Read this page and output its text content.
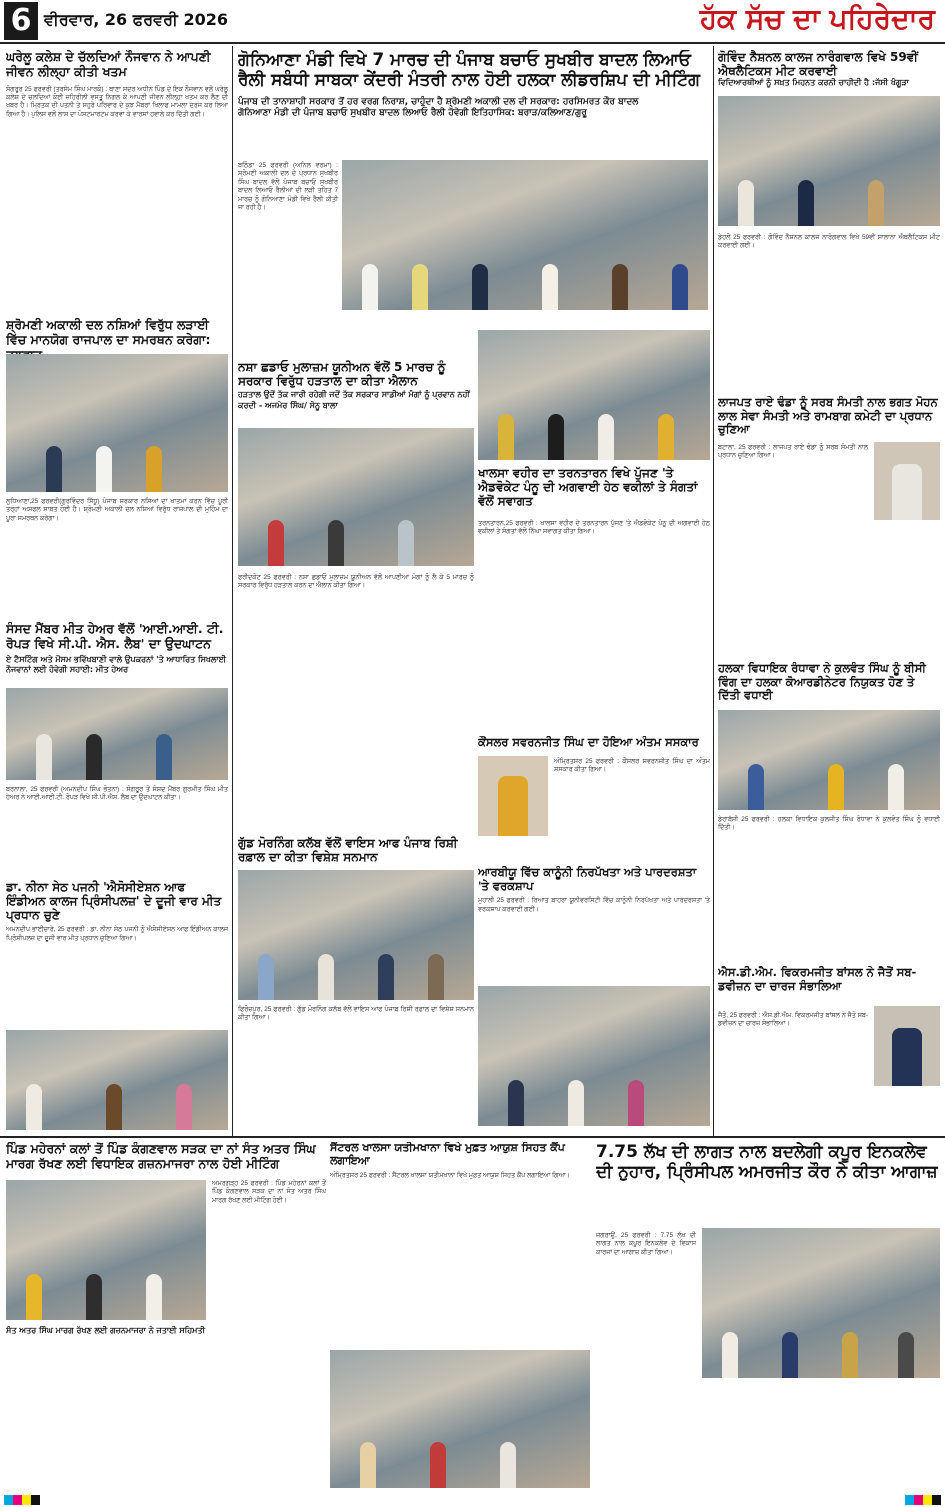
6 ਵੀਰਵਾਰ, 26 ਫਰਵਰੀ 2026	ਹੱਕ ਸੱਚ ਦਾ ਪਹਿਰੇਦਾਰ
ਘਰੇਲੂ ਕਲੇਸ਼ ਦੇ ਚੱਲਦਿਆਂ ਨੌਜਵਾਨ ਨੇ ਆਪਣੀ ਜੀਵਨ ਲੀਲ੍ਹਾ ਕੀਤੀ ਖਤਮ
ਸੰਗਰੂਰ 25 ਫਰਵਰੀ (ਤਰਸੇਮ ਸਿੰਘ ਮਾਰਕੋ) : ਥਾਣਾ ਸਦਰ ਅਧੀਨ ਪਿੰਡ ਦੇ ਇਕ ਨੌਜਵਾਨ ਵਲੋਂ ਘਰੇਲੂ ਕਲੇਸ਼ ਦੇ ਚਲਦਿਆਂ ਕੋਈ ਜ਼ਹਿਰੀਲੀ ਵਸਤੂ ਨਿਗਲ ਕੇ ਆਪਣੀ ਜੀਵਨ ਲੀਲ੍ਹਾ ਖਤਮ ਕਰ ਲੈਣ ਦੀ ਖਬਰ ਹੈ। ਮ੍ਰਿਤਕ ਦੀ ਪਤਨੀ ਤੇ ਸਹੁਰੇ ਪਰਿਵਾਰ ਦੇ ਕੁਝ ਮੈਂਬਰਾਂ ਖਿਲਾਫ ਮਾਮਲਾ ਦਰਜ ਕਰ ਲਿਆ ਗਿਆ ਹੈ। ਪੁਲਿਸ ਵਲੋਂ ਲਾਸ਼ ਦਾ ਪੋਸਟਮਾਰਟਮ ਕਰਵਾ ਕੇ ਵਾਰਸਾਂ ਹਵਾਲੇ ਕਰ ਦਿੱਤੀ ਗਈ।
ਸ਼੍ਰੋਮਣੀ ਅਕਾਲੀ ਦਲ ਨਸ਼ਿਆਂ ਵਿਰੁੱਧ ਲੜਾਈ ਵਿੱਚ ਮਾਨਯੋਗ ਰਾਜਪਾਲ ਦਾ ਸਮਰਥਨ ਕਰੇਗਾ:
ਲੁਧਿਆਣਾ,25 ਫਰਵਰੀ(ਗੁਰਵਿੰਦਰ ਸਿੱਧੂ) ਪੰਜਾਬ ਸਰਕਾਰ ਨਸ਼ਿਆਂ ਦਾ ਖਾਤਮਾ ਕਰਨ ਵਿੱਚ ਪੂਰੀ ਤਰ੍ਹਾਂ ਅਸਫਲ ਸਾਬਤ ਹੋਈ ਹੈ। ਸ਼੍ਰੋਮਣੀ ਅਕਾਲੀ ਦਲ ਨਸ਼ਿਆਂ ਵਿਰੁੱਧ ਰਾਜਪਾਲ ਦੀ ਮੁਹਿੰਮ ਦਾ ਪੂਰਾ ਸਮਰਥਨ ਕਰੇਗਾ।
ਸੰਸਦ ਮੈਂਬਰ ਮੀਤ ਹੇਅਰ ਵੱਲੋਂ 'ਆਈ.ਆਈ. ਟੀ. ਰੋਪੜ ਵਿਖੇ ਸੀ.ਪੀ. ਐਸ. ਲੈਬ' ਦਾ ਉਦਘਾਟਨ
ਏ ਟੈਸਟਿੰਗ ਅਤੇ ਮੌਸਮ ਭਵਿੱਖਬਾਣੀ ਵਾਲੇ ਉਪਕਰਨਾਂ 'ਤੇ ਆਧਾਰਿਤ ਸਿਖਲਾਈ ਨੌਜਵਾਨਾਂ ਲਈ ਹੋਵੇਗੀ ਸਹਾਈ: ਮੀਤ ਹੇਅਰ
ਬਰਨਾਲਾ, 25 ਫਰਵਰੀ (ਅਮਨਦੀਪ ਸਿੰਘ ਭੋਤਨਾ) : ਸੰਗਰੂਰ ਤੋਂ ਸੰਸਦ ਮੈਂਬਰ ਗੁਰਮੀਤ ਸਿੰਘ ਮੀਤ ਹੇਅਰ ਨੇ ਆਈ.ਆਈ.ਟੀ. ਰੋਪੜ ਵਿਖੇ ਸੀ.ਪੀ.ਐਸ. ਲੈਬ ਦਾ ਉਦਘਾਟਨ ਕੀਤਾ।
ਡਾ. ਨੀਨਾ ਸੇਠ ਪਜਨੀ 'ਐਸੋਸੀਏਸ਼ਨ ਆਫ ਇੰਡੀਅਨ ਕਾਲਜ ਪ੍ਰਿੰਸੀਪਲਜ਼' ਦੇ ਦੂਜੀ ਵਾਰ ਮੀਤ ਪ੍ਰਧਾਨ ਚੁਣੇ
ਅਮਨਦੀਪ ਭਾਈਚਾਰੇ, 25 ਫਰਵਰੀ : ਡਾ. ਨੀਨਾ ਸੇਠ ਪਜਨੀ ਨੂੰ ਐਸੋਸੀਏਸ਼ਨ ਆਫ ਇੰਡੀਅਨ ਕਾਲਜ ਪ੍ਰਿੰਸੀਪਲਜ਼ ਦਾ ਦੂਜੀ ਵਾਰ ਮੀਤ ਪ੍ਰਧਾਨ ਚੁਣਿਆ ਗਿਆ।
ਗੋਨਿਆਣਾ ਮੰਡੀ ਵਿਖੇ 7 ਮਾਰਚ ਦੀ ਪੰਜਾਬ ਬਚਾਓ ਸੁਖਬੀਰ ਬਾਦਲ ਲਿਆਓ ਰੈਲੀ ਸਬੰਧੀ ਸਾਬਕਾ ਕੇਂਦਰੀ ਮੰਤਰੀ ਨਾਲ ਹੋਈ ਹਲਕਾ ਲੀਡਰਸ਼ਿਪ ਦੀ ਮੀਟਿੰਗ
ਪੰਜਾਬ ਦੀ ਤਾਨਾਸ਼ਾਹੀ ਸਰਕਾਰ ਤੋਂ ਹਰ ਵਰਗ ਨਿਰਾਸ਼, ਚਾਹੁੰਦਾ ਹੈ ਸ਼੍ਰੋਮਣੀ ਅਕਾਲੀ ਦਲ ਦੀ ਸਰਕਾਰ: ਹਰਸਿਮਰਤ ਕੌਰ ਬਾਦਲ
ਗੋਨਿਆਣਾ ਮੰਡੀ ਦੀ ਪੰਜਾਬ ਬਚਾਓ ਸੁਖਬੀਰ ਬਾਦਲ ਲਿਆਓ ਰੈਲੀ ਹੋਵੇਗੀ ਇਤਿਹਾਸਿਕ: ਬਰਾੜ/ਕਲਿਆਣ/ਗੁਰੂ
ਬਠਿੰਡਾ 25 ਫਰਵਰੀ (ਅਨਿਲ ਵਰਮਾ) : ਸ਼੍ਰੋਮਣੀ ਅਕਾਲੀ ਦਲ ਦੇ ਪ੍ਰਧਾਨ ਸੁਖਬੀਰ ਸਿੰਘ ਬਾਦਲ ਵੱਲੋਂ ਪੰਜਾਬ ਬਚਾਓ ਸੁਖਬੀਰ ਬਾਦਲ ਲਿਆਓ ਰੈਲੀਆਂ ਦੀ ਲੜੀ ਤਹਿਤ 7 ਮਾਰਚ ਨੂੰ ਗੋਨਿਆਣਾ ਮੰਡੀ ਵਿਖੇ ਰੈਲੀ ਕੀਤੀ ਜਾ ਰਹੀ ਹੈ।
ਨਸ਼ਾ ਛਡਾਓ ਮੁਲਾਜ਼ਮ ਯੂਨੀਅਨ ਵੱਲੋਂ 5 ਮਾਰਚ ਨੂੰ ਸਰਕਾਰ ਵਿਰੁੱਧ ਹੜਤਾਲ ਦਾ ਕੀਤਾ ਐਲਾਨ
ਹੜਤਾਲ ਉਦੋਂ ਤੱਕ ਜਾਰੀ ਰਹੇਗੀ ਜਦੋਂ ਤੱਕ ਸਰਕਾਰ ਸਾਡੀਆਂ ਮੰਗਾਂ ਨੂੰ ਪ੍ਰਵਾਨ ਨਹੀਂ ਕਰਦੀ - ਅਜਮੇਰ ਸਿੰਘ/ ਸੋਨੂ ਬਾਲਾ
ਫਰੀਦਕੋਟ 25 ਫਰਵਰੀ : ਨਸ਼ਾ ਛਡਾਓ ਮੁਲਾਜ਼ਮ ਯੂਨੀਅਨ ਵੱਲੋਂ ਆਪਣੀਆਂ ਮੰਗਾਂ ਨੂੰ ਲੈ ਕੇ 5 ਮਾਰਚ ਨੂੰ ਸਰਕਾਰ ਵਿਰੁੱਧ ਹੜਤਾਲ ਕਰਨ ਦਾ ਐਲਾਨ ਕੀਤਾ ਗਿਆ।
ਗੁੱਡ ਮੋਰਨਿੰਗ ਕਲੱਬ ਵੱਲੋਂ ਵਾਇਸ ਆਫ ਪੰਜਾਬ ਰਿਸ਼ੀ ਰਫ਼ਾਲ ਦਾ ਕੀਤਾ ਵਿਸ਼ੇਸ਼ ਸਨਮਾਨ
ਫਿਰੋਜ਼ਪੁਰ, 25 ਫਰਵਰੀ : ਗੁੱਡ ਮੋਰਨਿੰਗ ਕਲੱਬ ਵੱਲੋਂ ਵਾਇਸ ਆਫ ਪੰਜਾਬ ਰਿਸ਼ੀ ਰਫ਼ਾਲ ਦਾ ਵਿਸ਼ੇਸ਼ ਸਨਮਾਨ ਕੀਤਾ ਗਿਆ।
ਖਾਲਸਾ ਵਹੀਰ ਦਾ ਤਰਨਤਾਰਨ ਵਿਖੇ ਪੁੱਜਣ 'ਤੇ ਐਡਵੋਕੇਟ ਪੰਨੂ ਦੀ ਅਗਵਾਈ ਹੇਠ ਵਕੀਲਾਂ ਤੇ ਸੰਗਤਾਂ ਵੱਲੋਂ ਸਵਾਗਤ
ਤਰਨਤਾਰਨ,25 ਫਰਵਰੀ : ਖਾਲਸਾ ਵਹੀਰ ਦੇ ਤਰਨਤਾਰਨ ਪੁੱਜਣ 'ਤੇ ਐਡਵੋਕੇਟ ਪੰਨੂ ਦੀ ਅਗਵਾਈ ਹੇਠ ਵਕੀਲਾਂ ਤੇ ਸੰਗਤਾਂ ਵੱਲੋਂ ਨਿੱਘਾ ਸਵਾਗਤ ਕੀਤਾ ਗਿਆ।
ਕੌਂਸਲਰ ਸਵਰਨਜੀਤ ਸਿੰਘ ਦਾ ਹੋਇਆ ਅੰਤਮ ਸਸਕਾਰ
ਅੰਮ੍ਰਿਤਸਰ 25 ਫਰਵਰੀ : ਕੌਂਸਲਰ ਸਵਰਨਜੀਤ ਸਿੰਘ ਦਾ ਅੰਤਮ ਸਸਕਾਰ ਕੀਤਾ ਗਿਆ।
ਆਰਬੀਯੂ ਵਿੱਚ ਕਾਨੂੰਨੀ ਨਿਰਪੱਖਤਾ ਅਤੇ ਪਾਰਦਰਸ਼ਤਾ 'ਤੇ ਵਰਕਸ਼ਾਪ
ਮੁਹਾਲੀ 25 ਫਰਵਰੀ : ਰਿਆਤ ਬਾਹਰਾ ਯੂਨੀਵਰਸਿਟੀ ਵਿੱਚ ਕਾਨੂੰਨੀ ਨਿਰਪੱਖਤਾ ਅਤੇ ਪਾਰਦਰਸ਼ਤਾ 'ਤੇ ਵਰਕਸ਼ਾਪ ਕਰਵਾਈ ਗਈ।
ਗੋਵਿੰਦ ਨੈਸ਼ਨਲ ਕਾਲਜ ਨਾਰੰਗਵਾਲ ਵਿਖੇ 59ਵੀਂ ਐਥਲੈਟਿਕਸ ਮੀਟ ਕਰਵਾਈ
ਵਿਦਿਆਰਥੀਆਂ ਨੂੰ ਸਖ਼ਤ ਮਿਹਨਤ ਕਰਨੀ ਚਾਹੀਦੀ ਹੈ :ਜੱਸੀ ਖੰਗੂੜਾ
ਡੇਹਲੋਂ 25 ਫਰਵਰੀ : ਗੋਵਿੰਦ ਨੈਸ਼ਨਲ ਕਾਲਜ ਨਾਰੰਗਵਾਲ ਵਿਖੇ 59ਵੀਂ ਸਾਲਾਨਾ ਐਥਲੈਟਿਕਸ ਮੀਟ ਕਰਵਾਈ ਗਈ।
ਲਾਜਪਤ ਰਾਏ ਢੰਡਾ ਨੂੰ ਸਰਬ ਸੰਮਤੀ ਨਾਲ ਭਗਤ ਮੋਹਨ ਲਾਲ ਸੇਵਾ ਸੰਮਤੀ ਅਤੇ ਰਾਮਬਾਗ ਕਮੇਟੀ ਦਾ ਪ੍ਰਧਾਨ ਚੁਣਿਆ
ਬਟਾਲਾ, 25 ਫਰਵਰੀ : ਲਾਜਪਤ ਰਾਏ ਢੰਡਾ ਨੂੰ ਸਰਬ ਸੰਮਤੀ ਨਾਲ ਪ੍ਰਧਾਨ ਚੁਣਿਆ ਗਿਆ।
ਹਲਕਾ ਵਿਧਾਇਕ ਰੰਧਾਵਾ ਨੇ ਕੁਲਵੰਤ ਸਿੰਘ ਨੂੰ ਬੀਸੀ ਵਿੰਗ ਦਾ ਹਲਕਾ ਕੋਆਰਡੀਨੇਟਰ ਨਿਯੁਕਤ ਹੋਣ ਤੇ ਦਿੱਤੀ ਵਧਾਈ
ਡੇਰਾਬੱਸੀ 25 ਫਰਵਰੀ : ਹਲਕਾ ਵਿਧਾਇਕ ਕੁਲਜੀਤ ਸਿੰਘ ਰੰਧਾਵਾ ਨੇ ਕੁਲਵੰਤ ਸਿੰਘ ਨੂੰ ਵਧਾਈ ਦਿੱਤੀ।
ਐਸ.ਡੀ.ਐਮ. ਵਿਕਰਮਜੀਤ ਬਾਂਸਲ ਨੇ ਜੈਤੋਂ ਸਬ- ਡਵੀਜ਼ਨ ਦਾ ਚਾਰਜ ਸੰਭਾਲਿਆ
ਜੈਤੋ, 25 ਫਰਵਰੀ : ਐਸ.ਡੀ.ਐਮ. ਵਿਕਰਮਜੀਤ ਬਾਂਸਲ ਨੇ ਜੈਤੋ ਸਬ-ਡਵੀਜ਼ਨ ਦਾ ਚਾਰਜ ਸੰਭਾਲਿਆ।
ਪਿੰਡ ਮਹੇਰਨਾਂ ਕਲਾਂ ਤੋਂ ਪਿੰਡ ਕੰਗਣਵਾਲ ਸੜਕ ਦਾ ਨਾਂ ਸੰਤ ਅਤਰ ਸਿੰਘ ਮਾਰਗ ਰੱਖਣ ਲਈ ਵਿਧਾਇਕ ਗਜ਼ਨਮਾਜਰਾ ਨਾਲ ਹੋਈ ਮੀਟਿੰਗ
ਸੰਤ ਅਤਰ ਸਿੰਘ ਮਾਰਗ ਰੱਖਣ ਲਈ ਗਜ਼ਨਮਾਜਰਾ ਨੇ ਜਤਾਈ ਸਹਿਮਤੀ
ਅਮਰਗੜ੍ਹ 25 ਫਰਵਰੀ : ਪਿੰਡ ਮਹੇਰਨਾਂ ਕਲਾਂ ਤੋਂ ਪਿੰਡ ਕੰਗਣਵਾਲ ਸੜਕ ਦਾ ਨਾਂ ਸੰਤ ਅਤਰ ਸਿੰਘ ਮਾਰਗ ਰੱਖਣ ਲਈ ਮੀਟਿੰਗ ਹੋਈ।
ਸੈਂਟਰਲ ਖਾਲਸਾ ਯਤੀਮਖਾਨਾ ਵਿਖੇ ਮੁਫ਼ਤ ਆਯੁਸ਼ ਸਿਹਤ ਕੈਂਪ ਲਗਾਇਆ
ਅੰਮ੍ਰਿਤਸਰ 25 ਫਰਵਰੀ : ਸੈਂਟਰਲ ਖਾਲਸਾ ਯਤੀਮਖਾਨਾ ਵਿਖੇ ਮੁਫ਼ਤ ਆਯੁਸ਼ ਸਿਹਤ ਕੈਂਪ ਲਗਾਇਆ ਗਿਆ।
7.75 ਲੱਖ ਦੀ ਲਾਗਤ ਨਾਲ ਬਦਲੇਗੀ ਕਪੂਰ ਇਨਕਲੇਵ ਦੀ ਨੁਹਾਰ, ਪ੍ਰਿੰਸੀਪਲ ਅਮਰਜੀਤ ਕੌਰ ਨੇ ਕੀਤਾ ਆਗਾਜ਼
ਜਗਰਾਉਂ, 25 ਫਰਵਰੀ : 7.75 ਲੱਖ ਦੀ ਲਾਗਤ ਨਾਲ ਕਪੂਰ ਇਨਕਲੇਵ ਦੇ ਵਿਕਾਸ ਕਾਰਜਾਂ ਦਾ ਆਗਾਜ਼ ਕੀਤਾ ਗਿਆ।
